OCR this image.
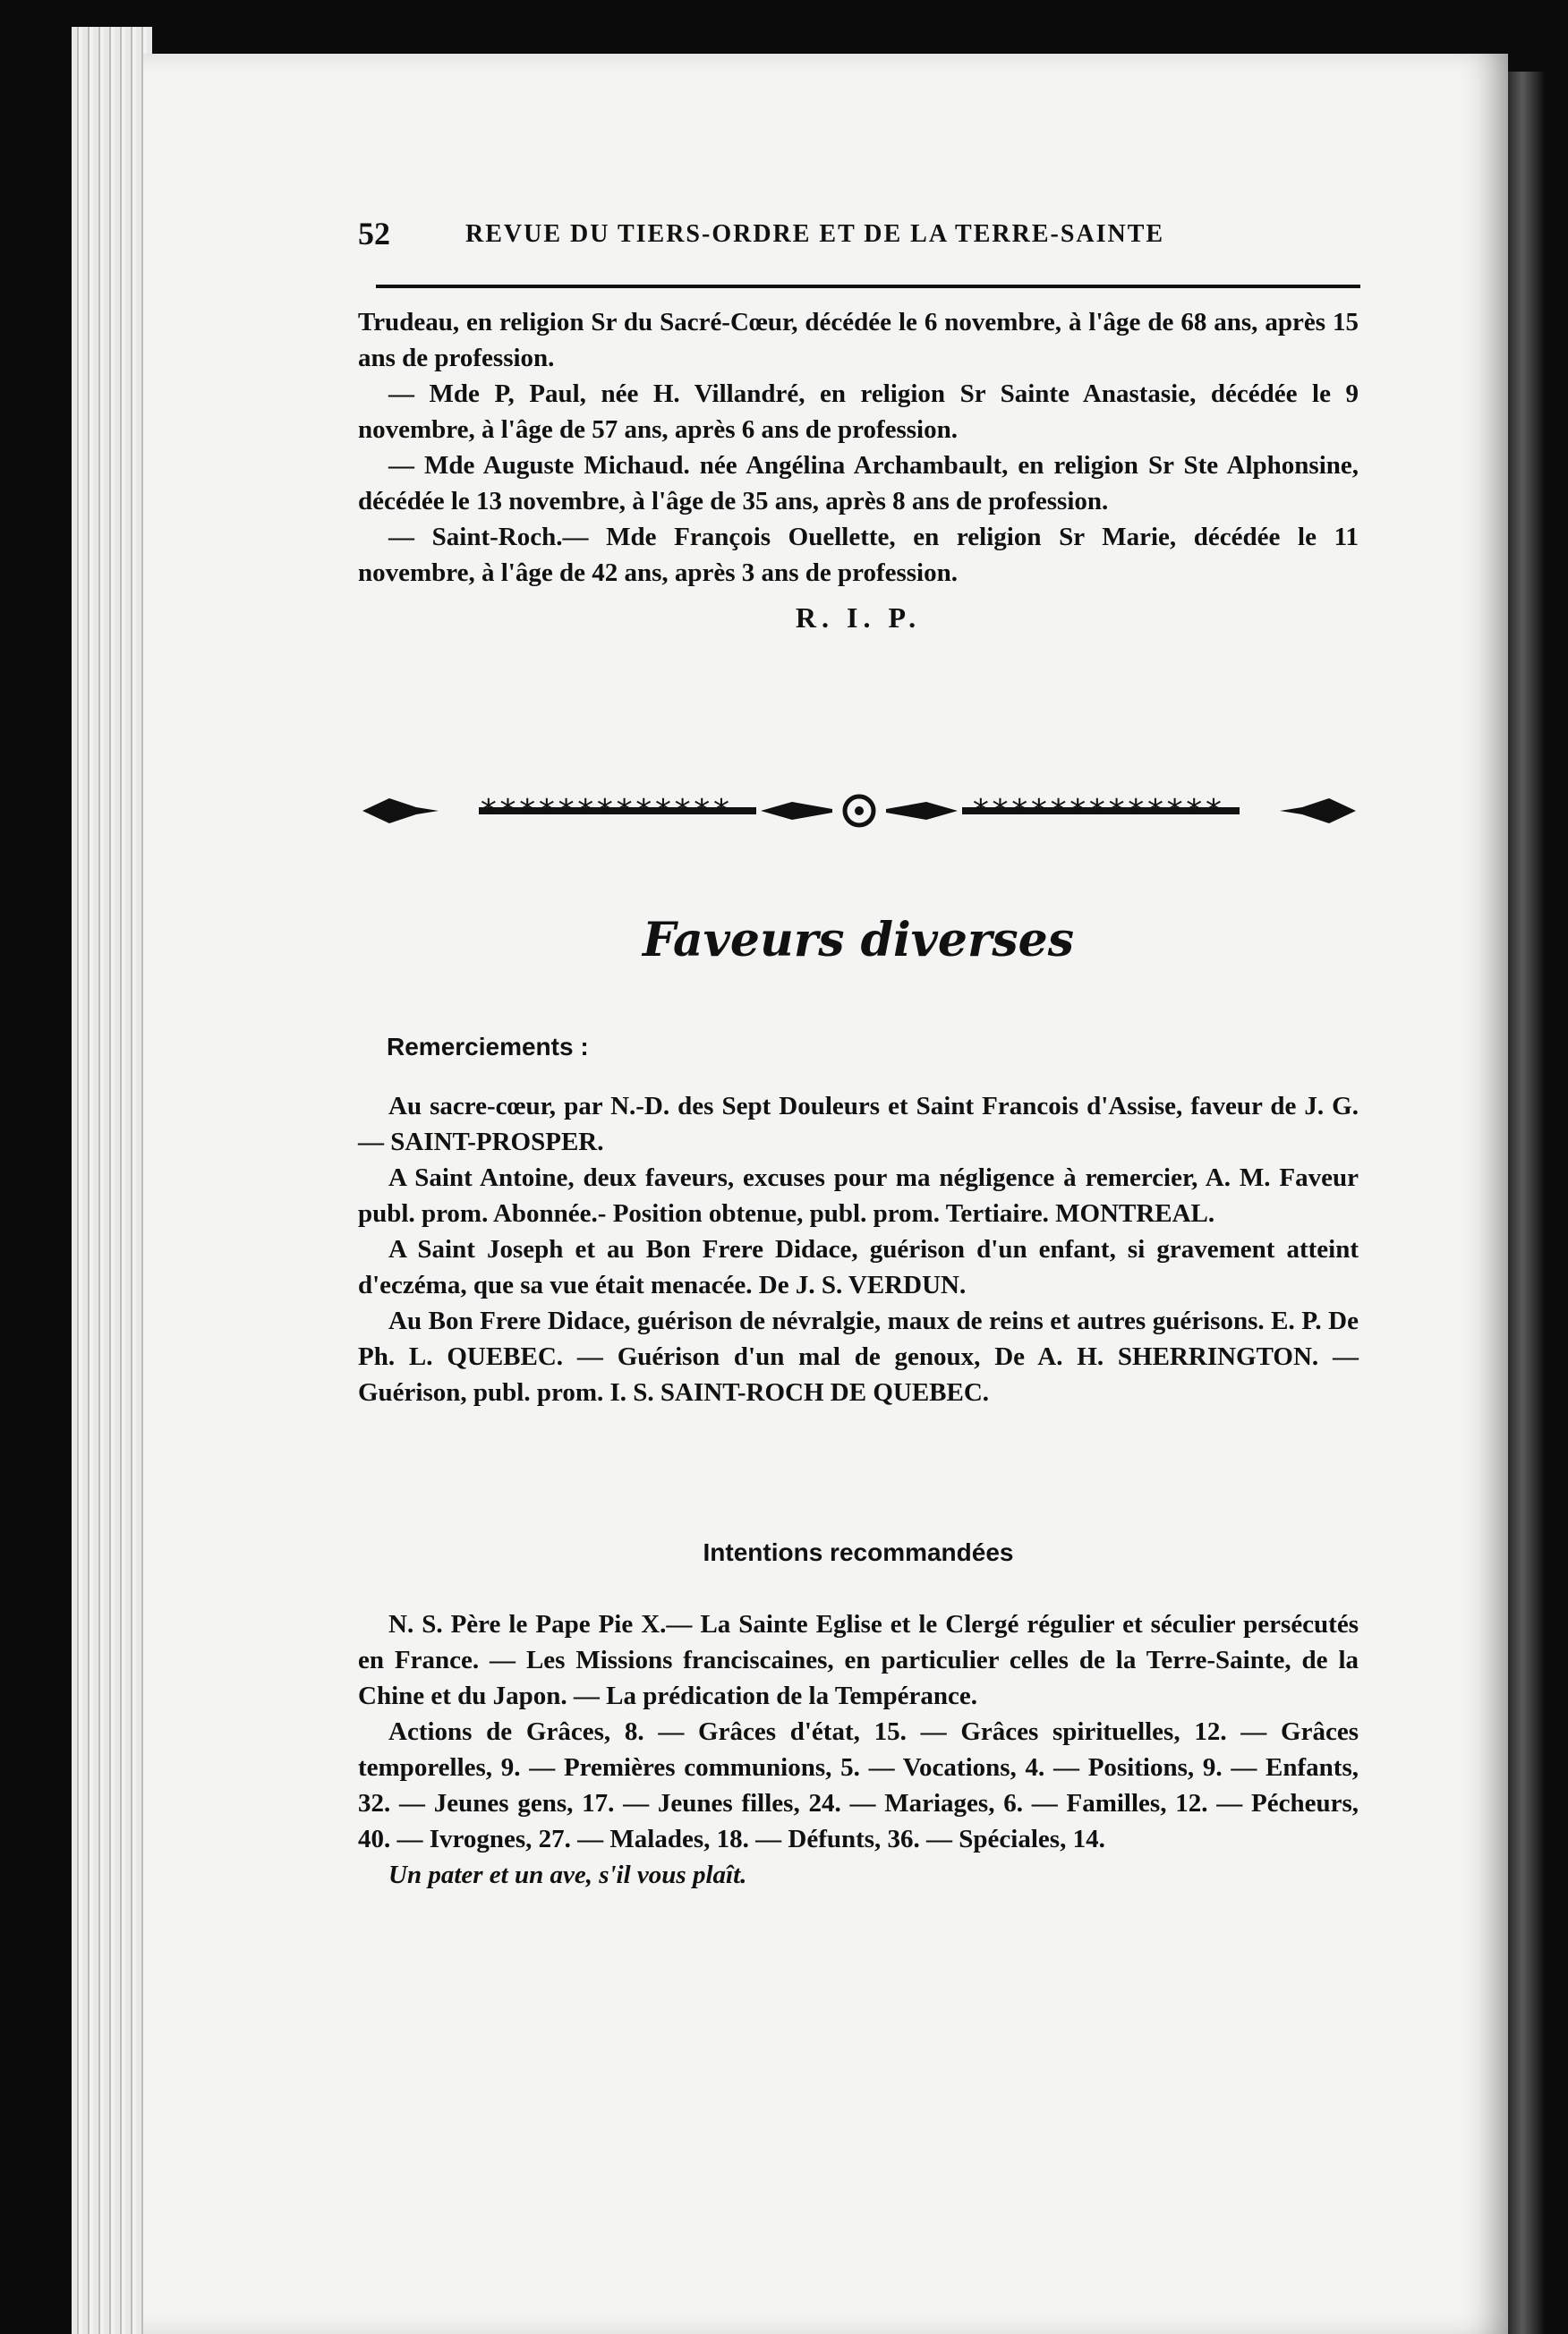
52	REVUE DU TIERS-ORDRE ET DE LA TERRE-SAINTE

Trudeau, en religion Sr du Sacré-Cœur, décédée le 6 novembre, à l'âge de 68 ans, après 15 ans de profession.

— Mde P, Paul, née H. Villandré, en religion Sr Sainte Anastasie, décédée le 9 novembre, à l'âge de 57 ans, après 6 ans de profession.

— Mde Auguste Michaud. née Angélina Archambault, en religion Sr Ste Alphonsine, décédée le 13 novembre, à l'âge de 35 ans, après 8 ans de profession.

— Saint-Roch.— Mde François Ouellette, en religion Sr Marie, décédée le 11 novembre, à l'âge de 42 ans, après 3 ans de profession.

R. I. P.

*************	*************
Faveurs diverses

Remerciements :

Au sacre-cœur, par N.-D. des Sept Douleurs et Saint Francois d'Assise, faveur de J. G. — SAINT-PROSPER.

A Saint Antoine, deux faveurs, excuses pour ma négligence à remercier, A. M. Faveur publ. prom. Abonnée.- Position obtenue, publ. prom. Tertiaire. MONTREAL.

A Saint Joseph et au Bon Frere Didace, guérison d'un enfant, si gravement atteint d'eczéma, que sa vue était menacée. De J. S. VERDUN.

Au Bon Frere Didace, guérison de névralgie, maux de reins et autres guérisons. E. P. De Ph. L. QUEBEC. — Guérison d'un mal de genoux, De A. H. SHERRINGTON. — Guérison, publ. prom. I. S. SAINT-ROCH DE QUEBEC.

Intentions recommandées

N. S. Père le Pape Pie X.— La Sainte Eglise et le Clergé régulier et séculier persécutés en France. — Les Missions franciscaines, en particulier celles de la Terre-Sainte, de la Chine et du Japon. — La prédication de la Tempérance.

Actions de Grâces, 8. — Grâces d'état, 15. — Grâces spirituelles, 12. — Grâces temporelles, 9. — Premières communions, 5. — Vocations, 4. — Positions, 9. — Enfants, 32. — Jeunes gens, 17. — Jeunes filles, 24. — Mariages, 6. — Familles, 12. — Pécheurs, 40. — Ivrognes, 27. — Malades, 18. — Défunts, 36. — Spéciales, 14.

Un pater et un ave, s'il vous plaît.
